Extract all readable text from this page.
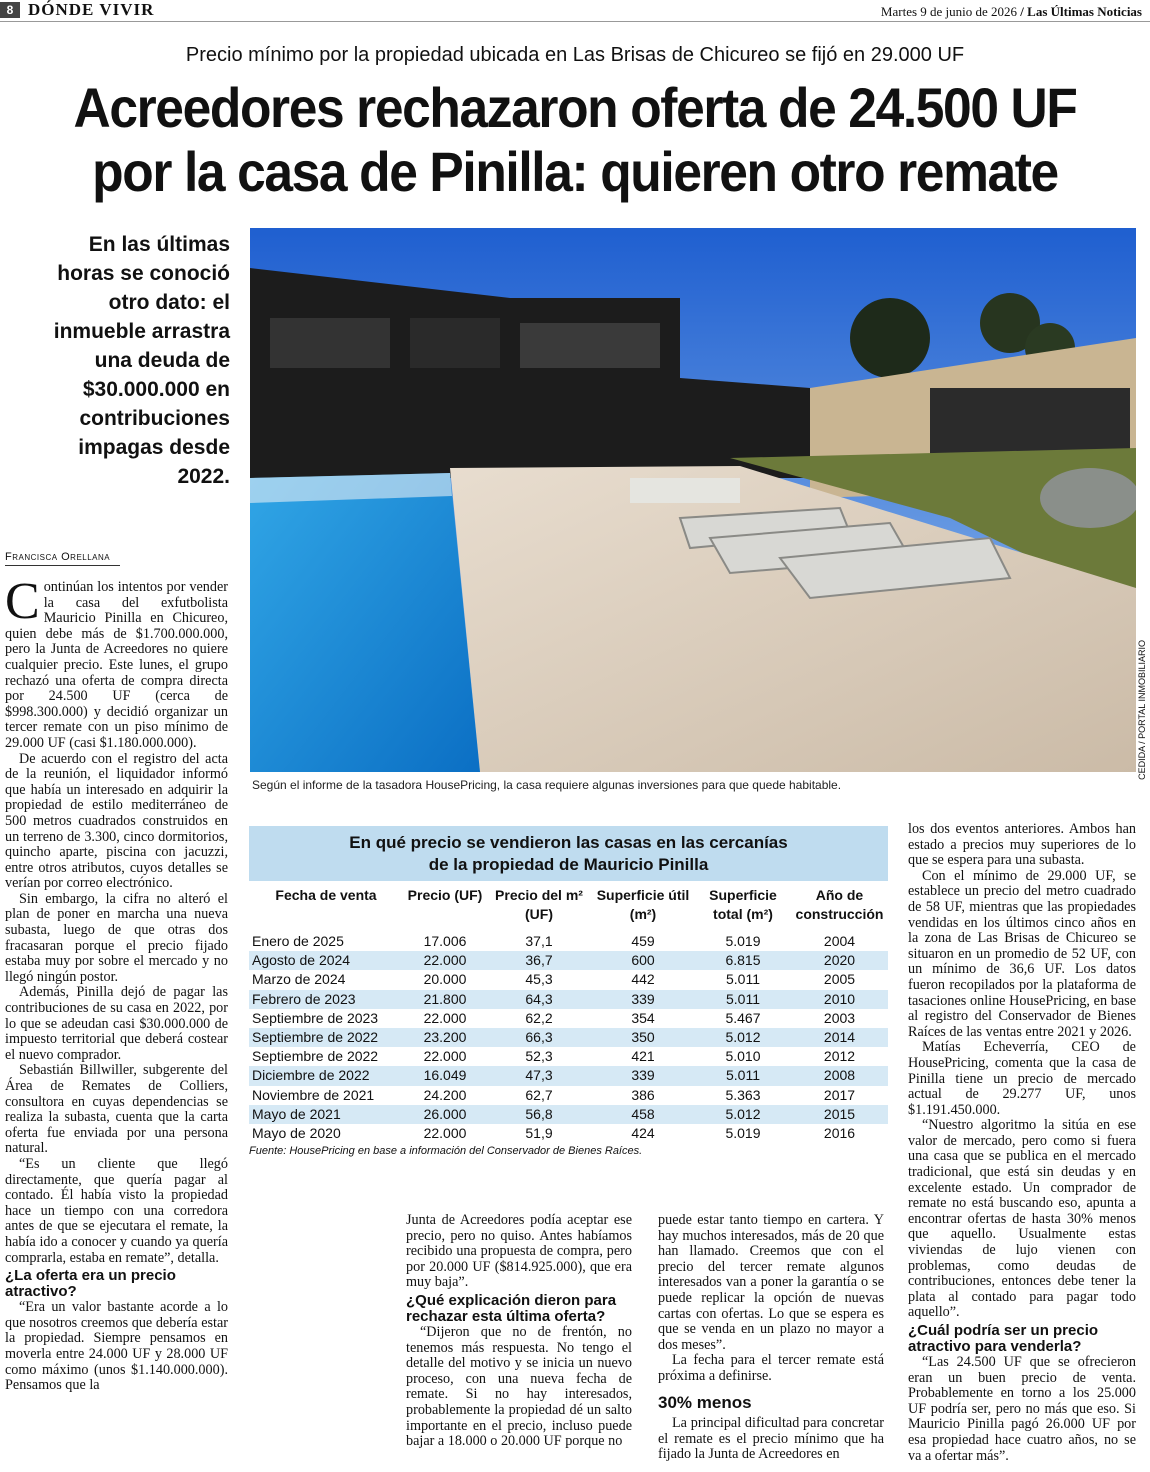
8 DÓNDE VIVIR	Martes 9 de junio de 2026 / Las Últimas Noticias
Precio mínimo por la propiedad ubicada en Las Brisas de Chicureo se fijó en 29.000 UF
Acreedores rechazaron oferta de 24.500 UF
por la casa de Pinilla: quieren otro remate
En las últimas horas se conoció otro dato: el inmueble arrastra una deuda de $30.000.000 en contribuciones impagas desde 2022.
CEDIDA / PORTAL INMOBILIARIO
Según el informe de la tasadora HousePricing, la casa requiere algunas inversiones para que quede habitable.
Francisca Orellana

Continúan los intentos por vender la casa del exfutbolista Mauricio Pinilla en Chicureo, quien debe más de $1.700.000.000, pero la Junta de Acreedores no quiere cualquier precio. Este lunes, el grupo rechazó una oferta de compra directa por 24.500 UF (cerca de $998.300.000) y decidió organizar un tercer remate con un piso mínimo de 29.000 UF (casi $1.180.000.000).

De acuerdo con el registro del acta de la reunión, el liquidador informó que había un interesado en adquirir la propiedad de estilo mediterráneo de 500 metros cuadrados construidos en un terreno de 3.300, cinco dormitorios, quincho aparte, piscina con jacuzzi, entre otros atributos, cuyos detalles se verían por correo electrónico.

Sin embargo, la cifra no alteró el plan de poner en marcha una nueva subasta, luego de que otras dos fracasaran porque el precio fijado estaba muy por sobre el mercado y no llegó ningún postor.

Además, Pinilla dejó de pagar las contribuciones de su casa en 2022, por lo que se adeudan casi $30.000.000 de impuesto territorial que deberá costear el nuevo comprador.

Sebastián Billwiller, subgerente del Área de Remates de Colliers, consultora en cuyas dependencias se realiza la subasta, cuenta que la carta oferta fue enviada por una persona natural.

“Es un cliente que llegó directamente, que quería pagar al contado. Él había visto la propiedad hace un tiempo con una corredora antes de que se ejecutara el remate, la había ido a conocer y cuando ya quería comprarla, estaba en remate”, detalla.

¿La oferta era un precio atractivo?

“Era un valor bastante acorde a lo que nosotros creemos que debería estar la propiedad. Siempre pensamos en moverla entre 24.000 UF y 28.000 UF como máximo (unos $1.140.000.000). Pensamos que la

En qué precio se vendieron las casas en las cercanías
de la propiedad de Mauricio Pinilla
Fecha de venta	Precio (UF)	Precio del m² (UF)	Superficie útil (m²)	Superficie total (m²)	Año de construcción
Enero de 2025	17.006	37,1	459	5.019	2004
Agosto de 2024	22.000	36,7	600	6.815	2020
Marzo de 2024	20.000	45,3	442	5.011	2005
Febrero de 2023	21.800	64,3	339	5.011	2010
Septiembre de 2023	22.000	62,2	354	5.467	2003
Septiembre de 2022	23.200	66,3	350	5.012	2014
Septiembre de 2022	22.000	52,3	421	5.010	2012
Diciembre de 2022	16.049	47,3	339	5.011	2008
Noviembre de 2021	24.200	62,7	386	5.363	2017
Mayo de 2021	26.000	56,8	458	5.012	2015
Mayo de 2020	22.000	51,9	424	5.019	2016
Fuente: HousePricing en base a información del Conservador de Bienes Raíces.

Junta de Acreedores podía aceptar ese precio, pero no quiso. Antes habíamos recibido una propuesta de compra, pero por 20.000 UF ($814.925.000), que era muy baja”.

¿Qué explicación dieron para rechazar esta última oferta?

“Dijeron que no de frentón, no tenemos más respuesta. No tengo el detalle del motivo y se inicia un nuevo proceso, con una nueva fecha de remate. Si no hay interesados, probablemente la propiedad dé un salto importante en el precio, incluso puede bajar a 18.000 o 20.000 UF porque no

puede estar tanto tiempo en cartera. Y hay muchos interesados, más de 20 que han llamado. Creemos que con el precio del tercer remate algunos interesados van a poner la garantía o se puede replicar la opción de nuevas cartas con ofertas. Lo que se espera es que se venda en un plazo no mayor a dos meses”.

La fecha para el tercer remate está próxima a definirse.

30% menos

La principal dificultad para concretar el remate es el precio mínimo que ha fijado la Junta de Acreedores en

los dos eventos anteriores. Ambos han estado a precios muy superiores de lo que se espera para una subasta.

Con el mínimo de 29.000 UF, se establece un precio del metro cuadrado de 58 UF, mientras que las propiedades vendidas en los últimos cinco años en la zona de Las Brisas de Chicureo se situaron en un promedio de 52 UF, con un mínimo de 36,6 UF. Los datos fueron recopilados por la plataforma de tasaciones online HousePricing, en base al registro del Conservador de Bienes Raíces de las ventas entre 2021 y 2026.

Matías Echeverría, CEO de HousePricing, comenta que la casa de Pinilla tiene un precio de mercado actual de 29.277 UF, unos $1.191.450.000.

“Nuestro algoritmo la sitúa en ese valor de mercado, pero como si fuera una casa que se publica en el mercado tradicional, que está sin deudas y en excelente estado. Un comprador de remate no está buscando eso, apunta a encontrar ofertas de hasta 30% menos que aquello. Usualmente estas viviendas de lujo vienen con problemas, como deudas de contribuciones, entonces debe tener la plata al contado para pagar todo aquello”.

¿Cuál podría ser un precio atractivo para venderla?

“Las 24.500 UF que se ofrecieron eran un buen precio de venta. Probablemente en torno a los 25.000 UF podría ser, pero no más que eso. Si Mauricio Pinilla pagó 26.000 UF por esa propiedad hace cuatro años, no se va a ofertar más”.
